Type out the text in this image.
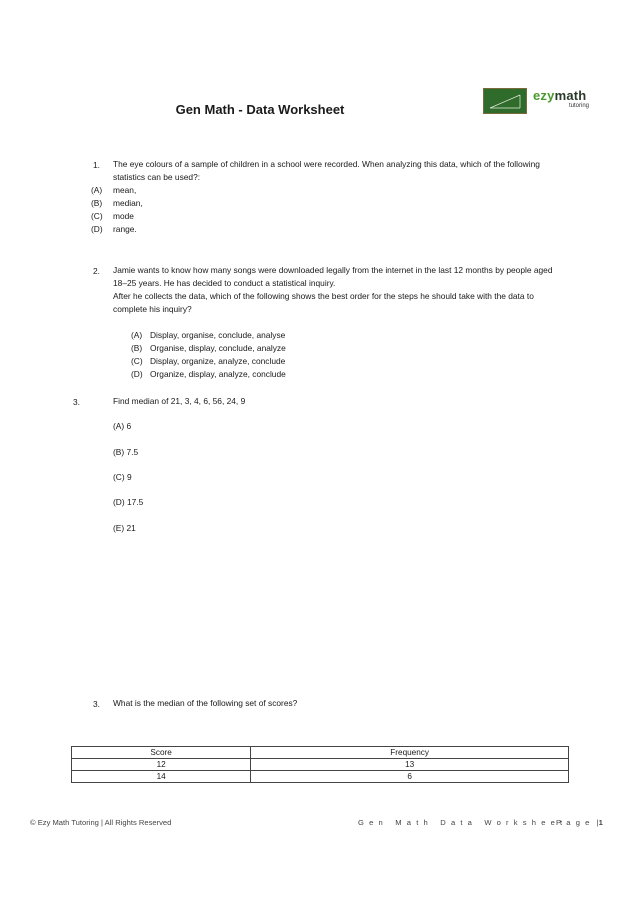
Gen Math - Data Worksheet
ezymath
tutoring
1. The eye colours of a sample of children in a school were recorded. When analyzing this data, which of the following statistics can be used?:
(A) mean,
(B) median,
(C) mode
(D) range.
2. Jamie wants to know how many songs were downloaded legally from the internet in the last 12 months by people aged 18–25 years. He has decided to conduct a statistical inquiry.
After he collects the data, which of the following shows the best order for the steps he should take with the data to complete his inquiry?
(A) Display, organise, conclude, analyse
(B) Organise, display, conclude, analyze
(C) Display, organize, analyze, conclude
(D) Organize, display, analyze, conclude
3.	Find median of 21, 3, 4, 6, 56, 24, 9
(A) 6
(B) 7.5
(C) 9
(D) 17.5
(E) 21
3. What is the median of the following set of scores?
Score	Frequency
12	13
14	6
© Ezy Math Tutoring | All Rights Reserved	Gen Math Data Worksheet
Page |1
